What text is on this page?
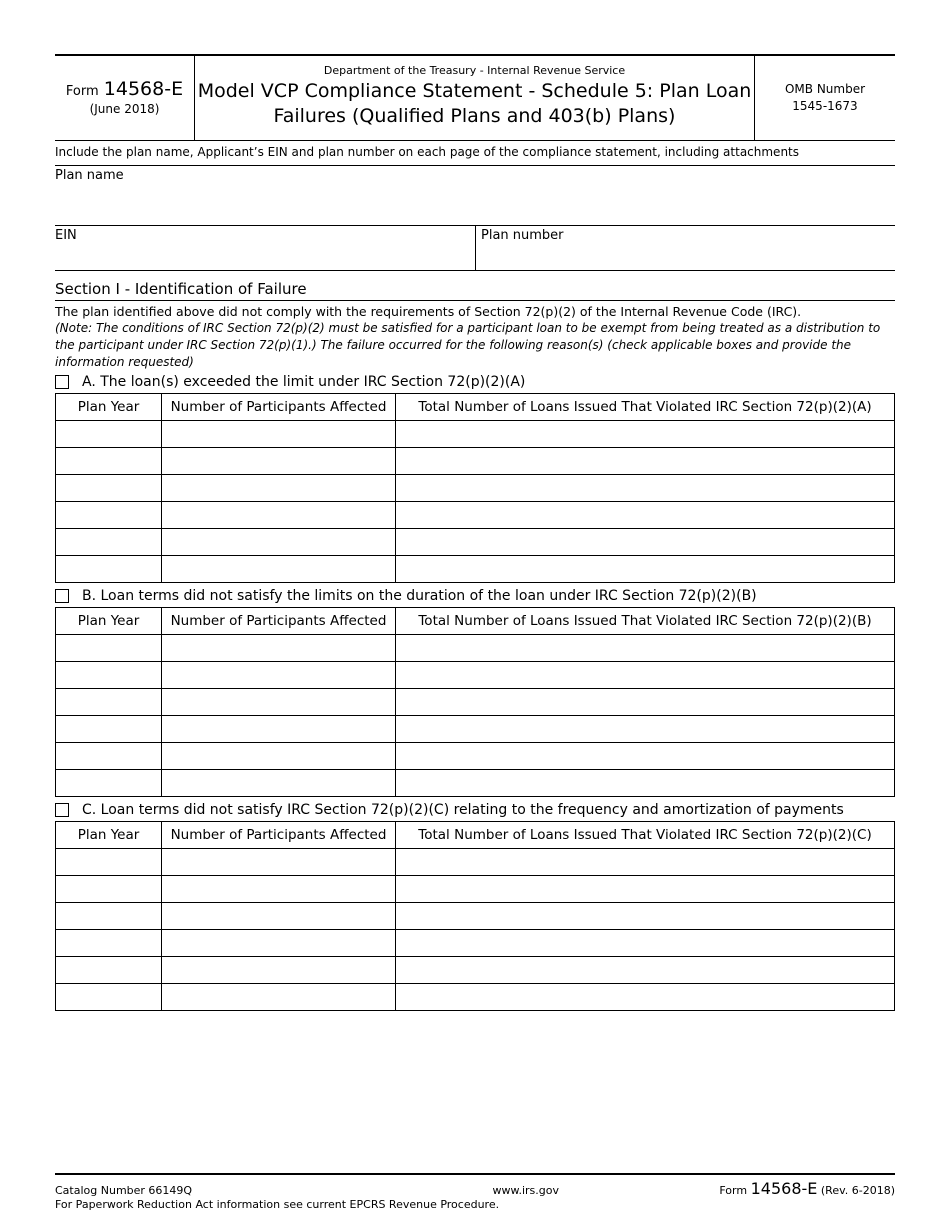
Form 14568-E
(June 2018)
Department of the Treasury - Internal Revenue Service
Model VCP Compliance Statement - Schedule 5: Plan Loan Failures (Qualified Plans and 403(b) Plans)
OMB Number
1545-1673
Include the plan name, Applicant’s EIN and plan number on each page of the compliance statement, including attachments
Plan name
EIN	Plan number
Section I - Identification of Failure
The plan identified above did not comply with the requirements of Section 72(p)(2) of the Internal Revenue Code (IRC).
(Note: The conditions of IRC Section 72(p)(2) must be satisfied for a participant loan to be exempt from being treated as a distribution to the participant under IRC Section 72(p)(1).) The failure occurred for the following reason(s) (check applicable boxes and provide the information requested)
A. The loan(s) exceeded the limit under IRC Section 72(p)(2)(A)
Plan Year	Number of Participants Affected	Total Number of Loans Issued That Violated IRC Section 72(p)(2)(A)

B. Loan terms did not satisfy the limits on the duration of the loan under IRC Section 72(p)(2)(B)
Plan Year	Number of Participants Affected	Total Number of Loans Issued That Violated IRC Section 72(p)(2)(B)

C. Loan terms did not satisfy IRC Section 72(p)(2)(C) relating to the frequency and amortization of payments
Plan Year	Number of Participants Affected	Total Number of Loans Issued That Violated IRC Section 72(p)(2)(C)

Catalog Number 66149Q	www.irs.gov	Form 14568-E (Rev. 6-2018)
For Paperwork Reduction Act information see current EPCRS Revenue Procedure.
